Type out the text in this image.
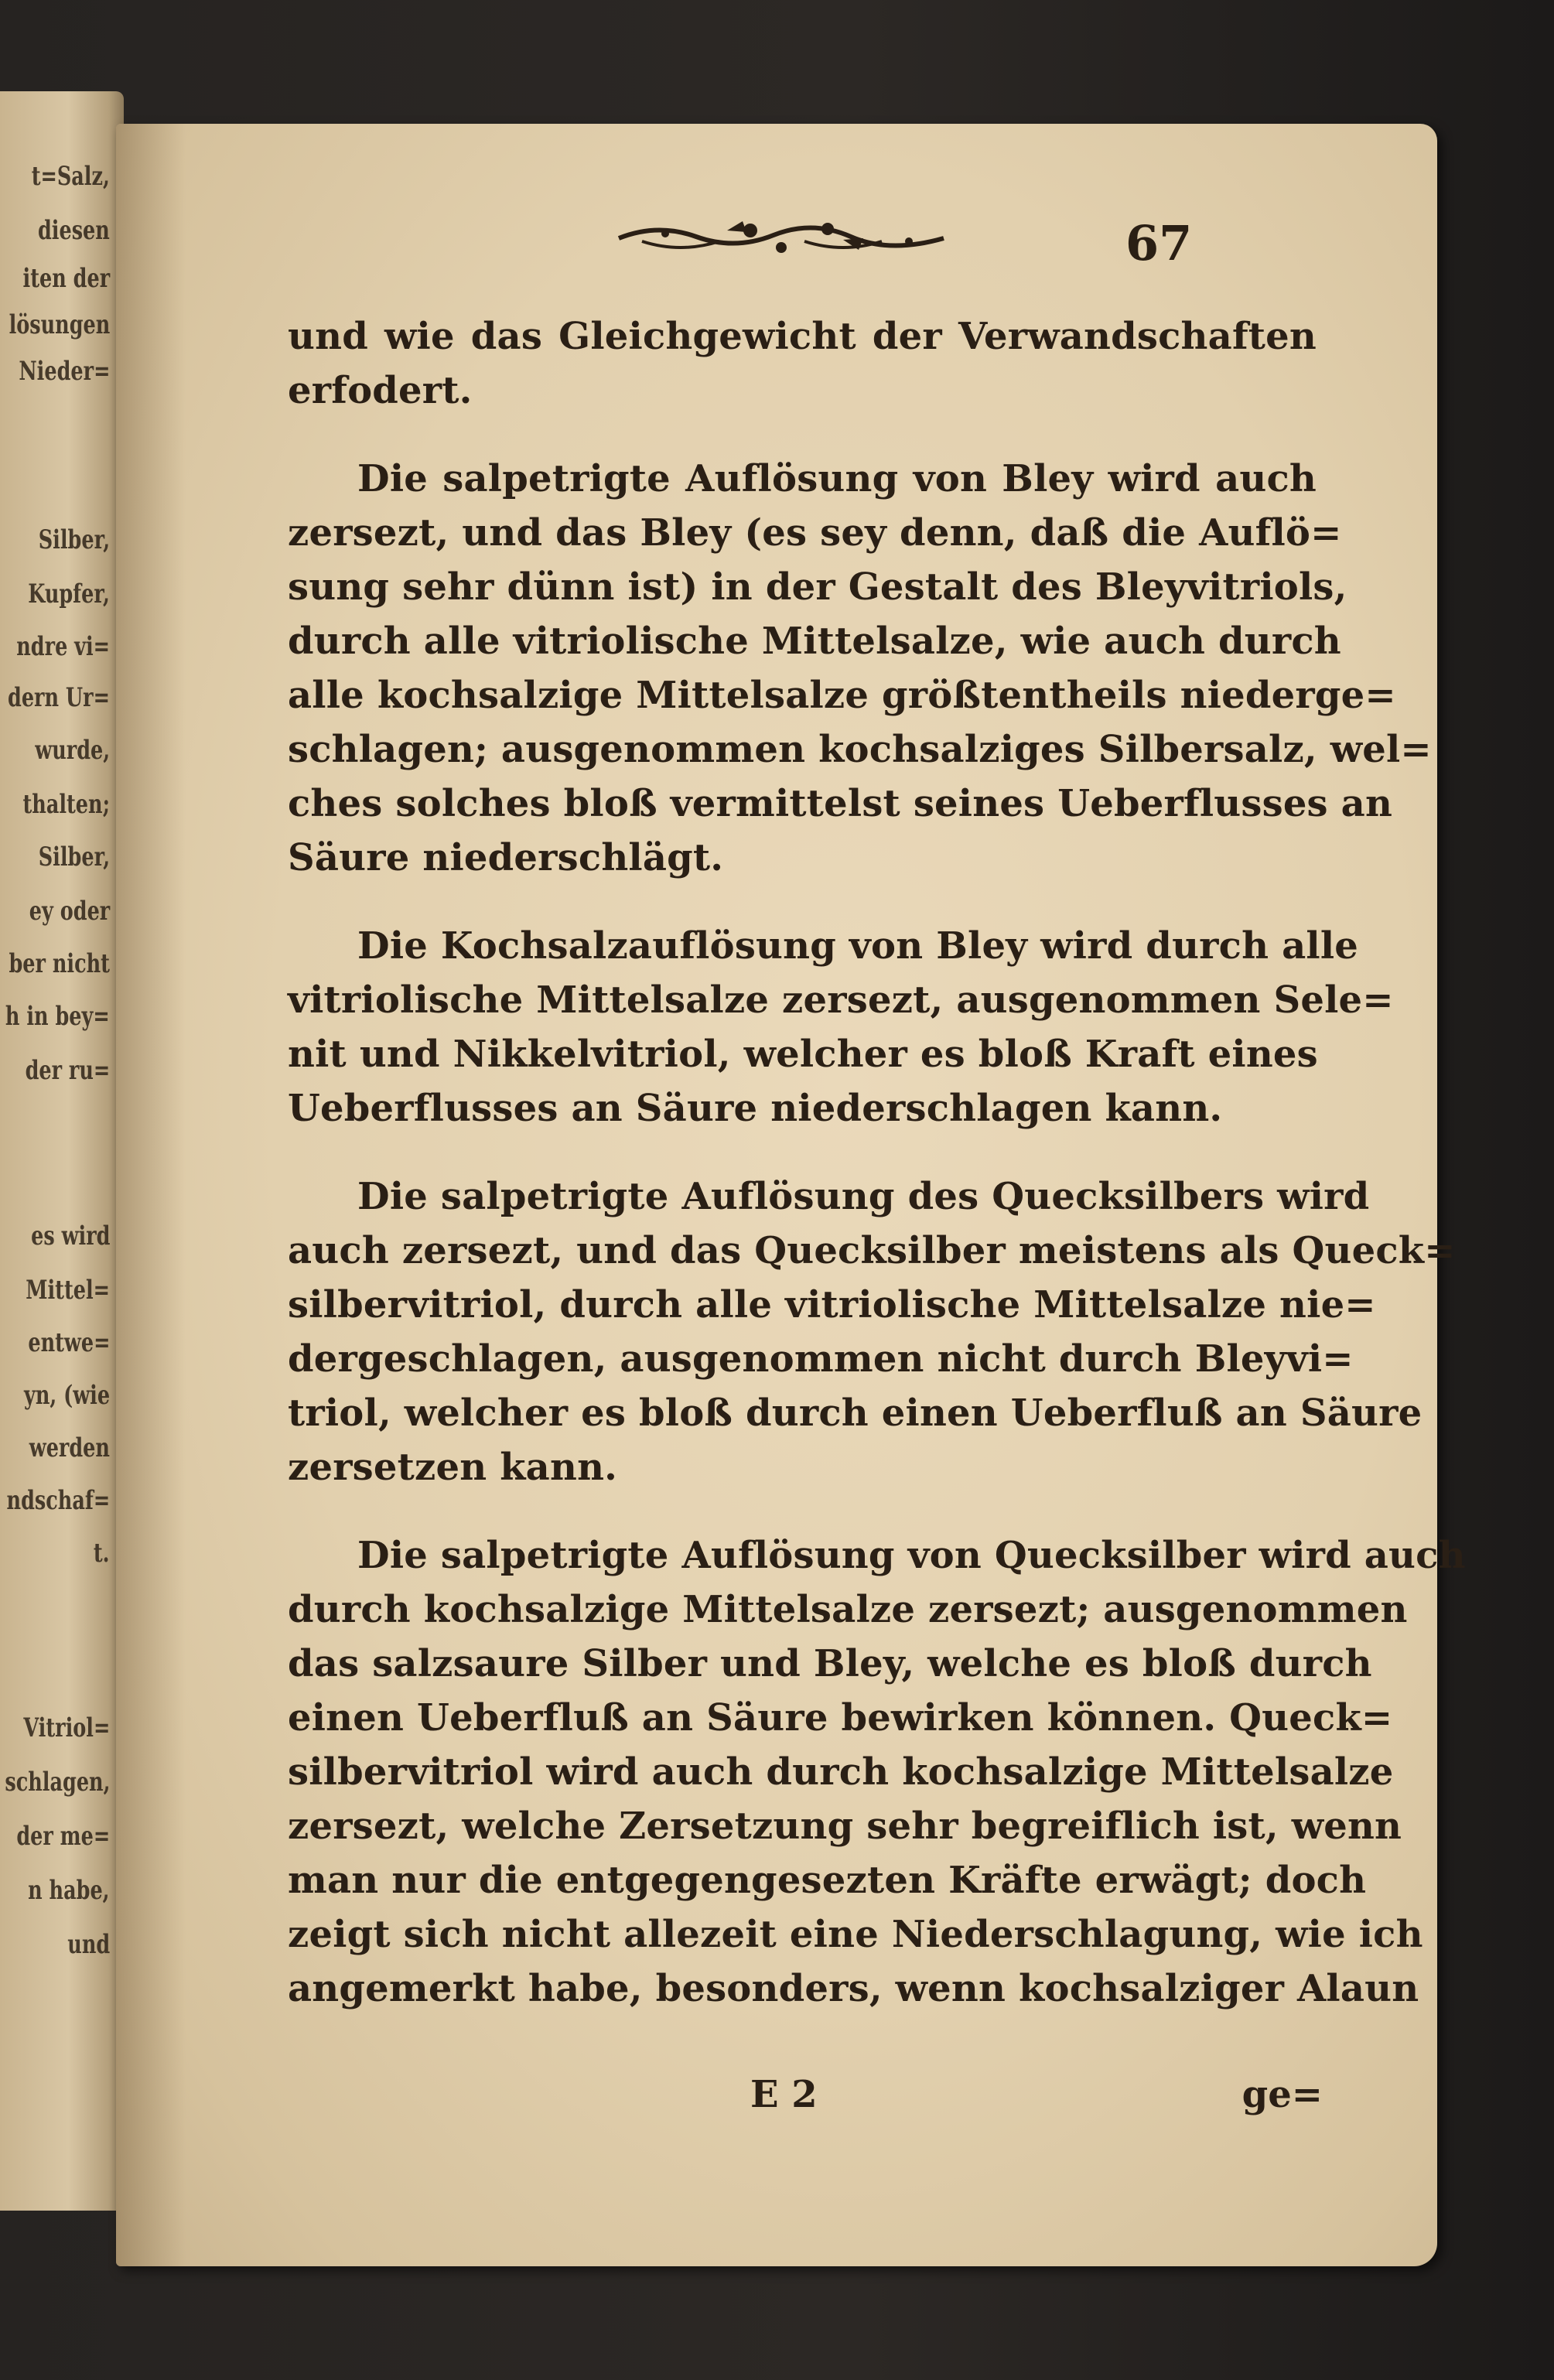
t=Salz,
diesen
iten der
lösungen
Nieder=
Silber,
Kupfer,
ndre vi=
dern Ur=
wurde,
thalten;
Silber,
ey oder
ber nicht
h in bey=
der ru=
es wird
Mittel=
entwe=
yn, (wie
werden
ndschaf=
t.
Vitriol=
schlagen,
der me=
n habe,
und
67
und wie das Gleichgewicht der Verwandschaften
erfodert.
Die salpetrigte Auflösung von Bley wird auch
zersezt, und das Bley (es sey denn, daß die Auflö=
sung sehr dünn ist) in der Gestalt des Bleyvitriols,
durch alle vitriolische Mittelsalze, wie auch durch
alle kochsalzige Mittelsalze größtentheils niederge=
schlagen; ausgenommen kochsalziges Silbersalz, wel=
ches solches bloß vermittelst seines Ueberflusses an
Säure niederschlägt.
Die Kochsalzauflösung von Bley wird durch alle
vitriolische Mittelsalze zersezt, ausgenommen Sele=
nit und Nikkelvitriol, welcher es bloß Kraft eines
Ueberflusses an Säure niederschlagen kann.
Die salpetrigte Auflösung des Quecksilbers wird
auch zersezt, und das Quecksilber meistens als Queck=
silbervitriol, durch alle vitriolische Mittelsalze nie=
dergeschlagen, ausgenommen nicht durch Bleyvi=
triol, welcher es bloß durch einen Ueberfluß an Säure
zersetzen kann.
Die salpetrigte Auflösung von Quecksilber wird auch
durch kochsalzige Mittelsalze zersezt; ausgenommen
das salzsaure Silber und Bley, welche es bloß durch
einen Ueberfluß an Säure bewirken können. Queck=
silbervitriol wird auch durch kochsalzige Mittelsalze
zersezt, welche Zersetzung sehr begreiflich ist, wenn
man nur die entgegengesezten Kräfte erwägt; doch
zeigt sich nicht allezeit eine Niederschlagung, wie ich
angemerkt habe, besonders, wenn kochsalziger Alaun
E 2	ge=
